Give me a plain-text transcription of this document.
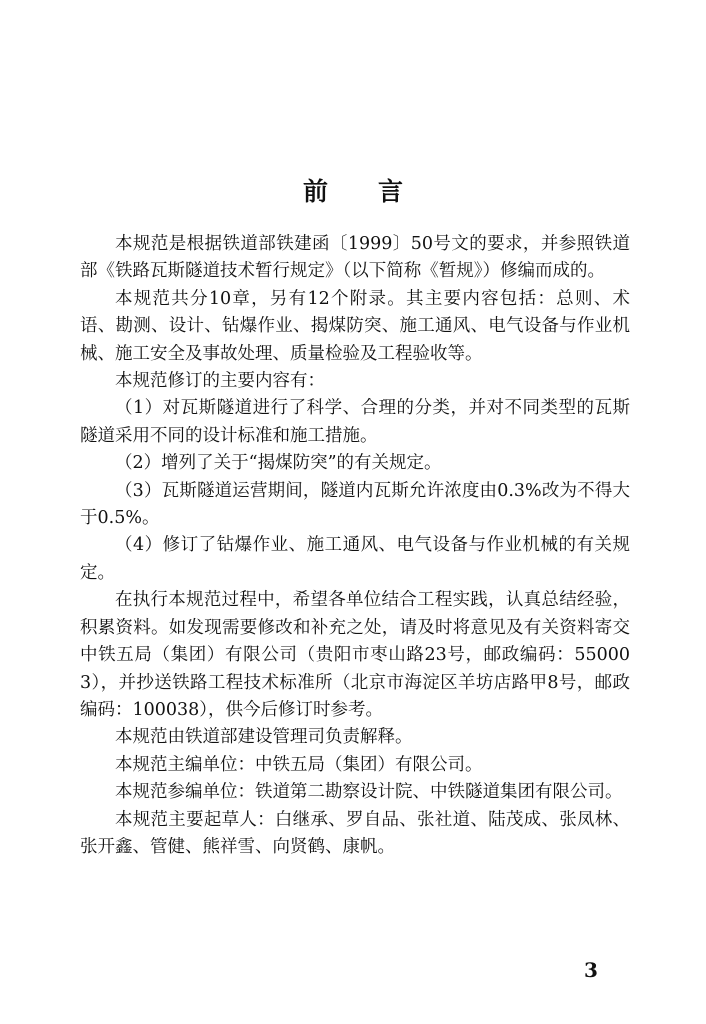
前言

本规范是根据铁道部铁建函〔1999〕50号文的要求，并参照铁道部《铁路瓦斯隧道技术暂行规定》（以下简称《暂规》）修编而成的。

本规范共分10章，另有12个附录。其主要内容包括：总则、术语、勘测、设计、钻爆作业、揭煤防突、施工通风、电气设备与作业机械、施工安全及事故处理、质量检验及工程验收等。

本规范修订的主要内容有：

（1）对瓦斯隧道进行了科学、合理的分类，并对不同类型的瓦斯隧道采用不同的设计标准和施工措施。

（2）增列了关于“揭煤防突”的有关规定。

（3）瓦斯隧道运营期间，隧道内瓦斯允许浓度由0.3%改为不得大于0.5%。

（4）修订了钻爆作业、施工通风、电气设备与作业机械的有关规定。

在执行本规范过程中，希望各单位结合工程实践，认真总结经验，积累资料。如发现需要修改和补充之处，请及时将意见及有关资料寄交中铁五局（集团）有限公司（贵阳市枣山路23号，邮政编码：550003），并抄送铁路工程技术标准所（北京市海淀区羊坊店路甲8号，邮政编码：100038），供今后修订时参考。

本规范由铁道部建设管理司负责解释。

本规范主编单位：中铁五局（集团）有限公司。

本规范参编单位：铁道第二勘察设计院、中铁隧道集团有限公司。

本规范主要起草人：白继承、罗自品、张社道、陆茂成、张凤林、张开鑫、管健、熊祥雪、向贤鹤、康帆。

3
